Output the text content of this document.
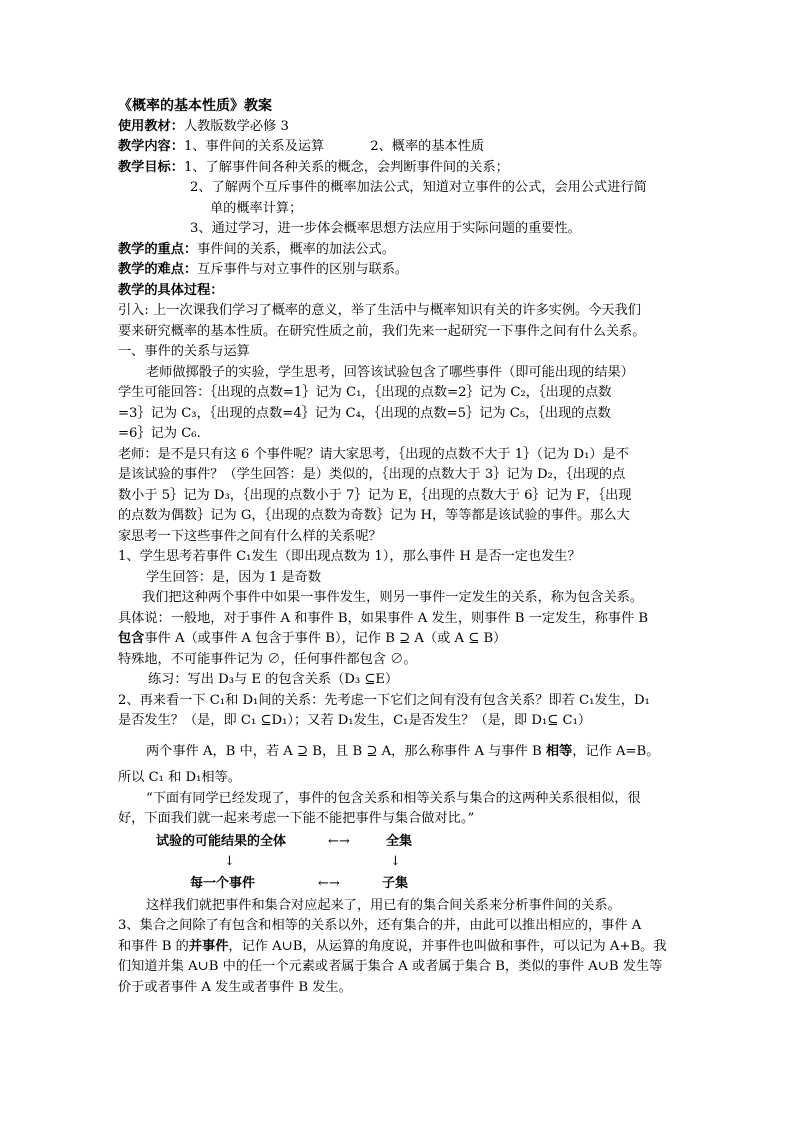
《概率的基本性质》教案
使用教材：人教版数学必修 3
教学内容：1、事件间的关系及运算	2、概率的基本性质
教学目标：1、了解事件间各种关系的概念，会判断事件间的关系；
2、了解两个互斥事件的概率加法公式，知道对立事件的公式，会用公式进行简
单的概率计算；
3、通过学习，进一步体会概率思想方法应用于实际问题的重要性。
教学的重点：事件间的关系，概率的加法公式。
教学的难点：互斥事件与对立事件的区别与联系。
教学的具体过程：
引入: 上一次课我们学习了概率的意义，举了生活中与概率知识有关的许多实例。今天我们
要来研究概率的基本性质。在研究性质之前，我们先来一起研究一下事件之间有什么关系。
一、事件的关系与运算
老师做掷骰子的实验，学生思考，回答该试验包含了哪些事件（即可能出现的结果）
学生可能回答：｛出现的点数=1｝记为 C₁，｛出现的点数=2｝记为 C₂，｛出现的点数
=3｝记为 C₃，｛出现的点数=4｝记为 C₄，｛出现的点数=5｝记为 C₅，｛出现的点数
=6｝记为 C₆.
老师：是不是只有这 6 个事件呢？请大家思考，｛出现的点数不大于 1｝（记为 D₁）是不
是该试验的事件？（学生回答：是）类似的，｛出现的点数大于 3｝记为 D₂，｛出现的点
数小于 5｝记为 D₃，｛出现的点数小于 7｝记为 E，｛出现的点数大于 6｝记为 F，｛出现
的点数为偶数｝记为 G，｛出现的点数为奇数｝记为 H，等等都是该试验的事件。那么大
家思考一下这些事件之间有什么样的关系呢？
1、学生思考若事件 C₁发生（即出现点数为 1），那么事件 H 是否一定也发生？
学生回答：是，因为 1 是奇数
我们把这种两个事件中如果一事件发生，则另一事件一定发生的关系，称为包含关系。
具体说：一般地，对于事件 A 和事件 B，如果事件 A 发生，则事件 B 一定发生，称事件 B
包含事件 A（或事件 A 包含于事件 B），记作 B ⊇ A（或 A ⊆ B）
特殊地，不可能事件记为 ∅，任何事件都包含 ∅。
练习：写出 D₃与 E 的包含关系（D₃ ⊆E）
2、再来看一下 C₁和 D₁间的关系：先考虑一下它们之间有没有包含关系？即若 C₁发生，D₁
是否发生？（是，即 C₁ ⊆D₁）；又若 D₁发生，C₁是否发生？（是，即 D₁⊆ C₁）
两个事件 A，B 中，若 A ⊇ B，且 B ⊇ A，那么称事件 A 与事件 B 相等，记作 A=B。
所以 C₁ 和 D₁相等。
“下面有同学已经发现了，事件的包含关系和相等关系与集合的这两种关系很相似，很
好，下面我们就一起来考虑一下能不能把事件与集合做对比。”
试验的可能结果的全体	←→	全集
↓	↓
每一个事件	←→	子集
这样我们就把事件和集合对应起来了，用已有的集合间关系来分析事件间的关系。
3、集合之间除了有包含和相等的关系以外，还有集合的并，由此可以推出相应的，事件 A
和事件 B 的并事件，记作 A∪B，从运算的角度说，并事件也叫做和事件，可以记为 A+B。我
们知道并集 A∪B 中的任一个元素或者属于集合 A 或者属于集合 B，类似的事件 A∪B 发生等
价于或者事件 A 发生或者事件 B 发生。
